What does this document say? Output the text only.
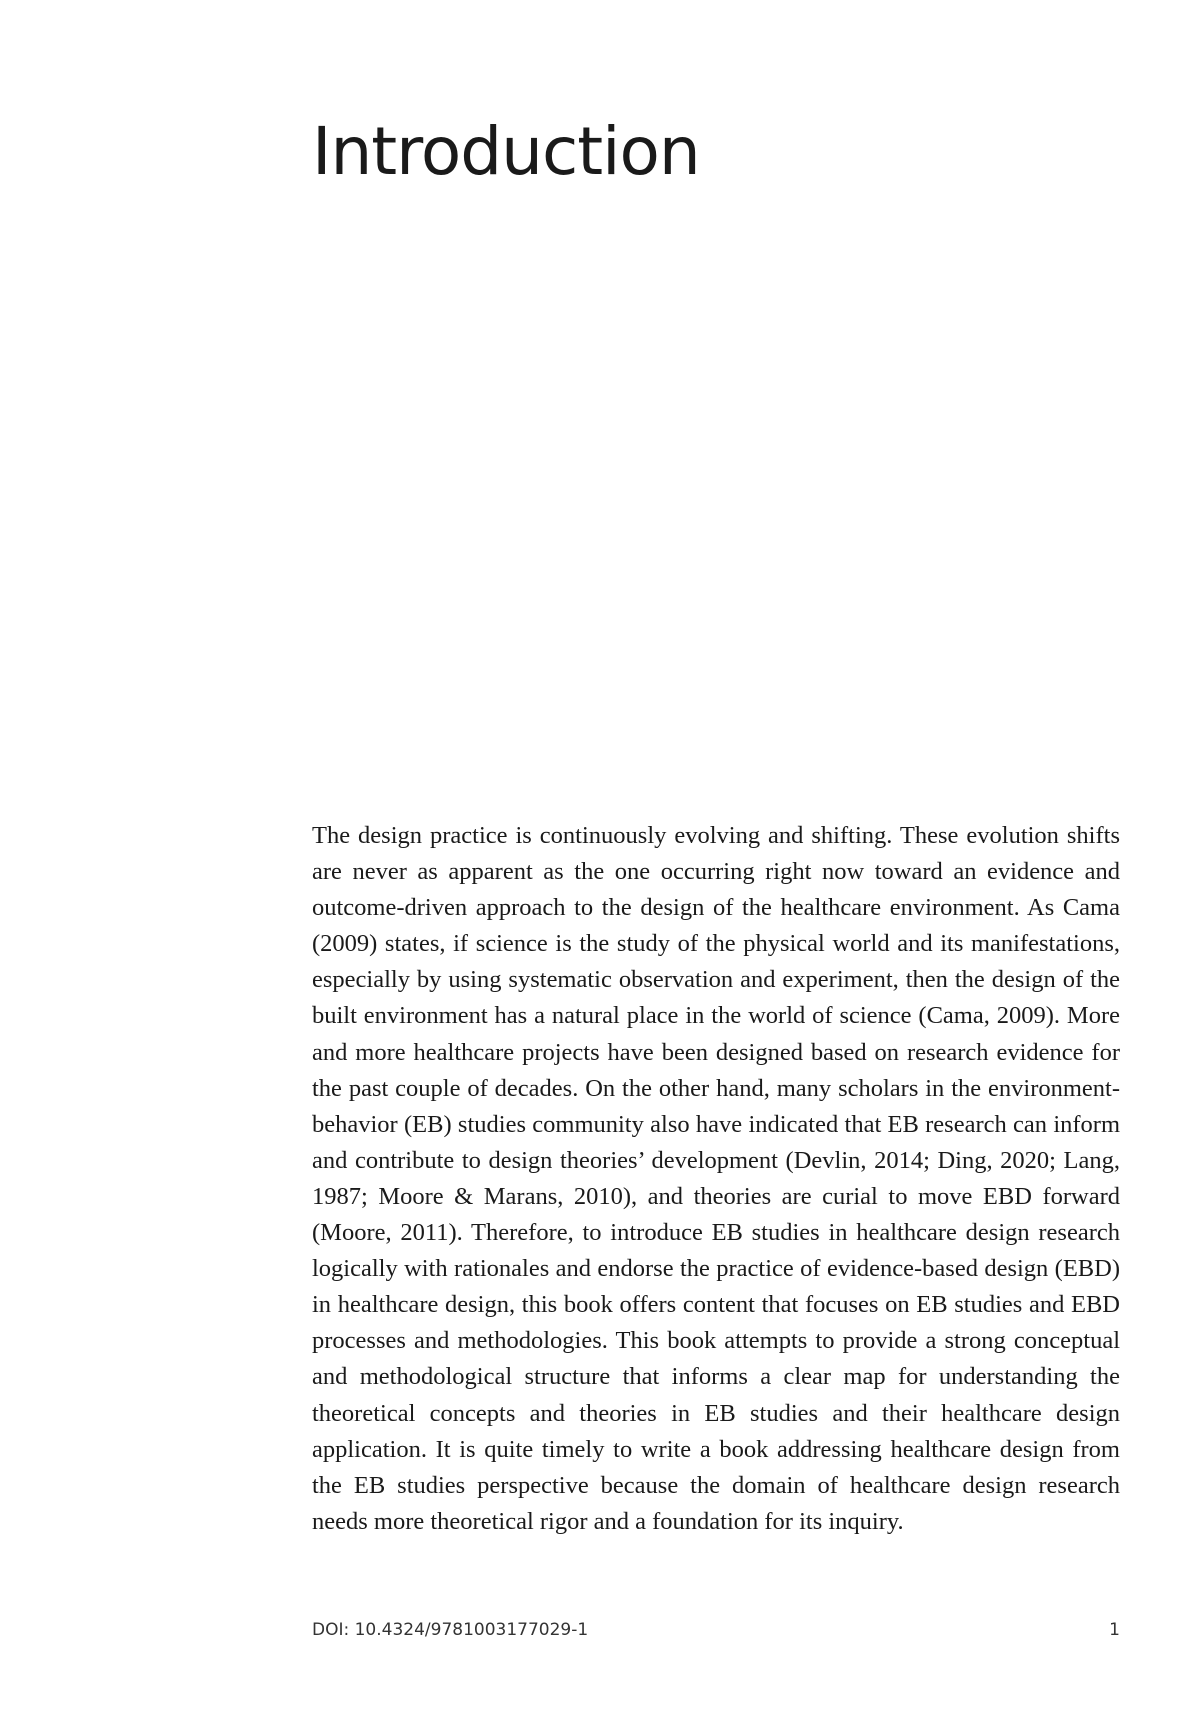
Introduction

The design practice is continuously evolving and shifting. These evolution shifts are never as apparent as the one occurring right now toward an evidence and outcome-driven approach to the design of the healthcare environment. As Cama (2009) states, if science is the study of the physical world and its manifestations, especially by using systematic observation and experiment, then the design of the built environment has a natural place in the world of science (Cama, 2009). More and more healthcare projects have been designed based on research evidence for the past couple of decades. On the other hand, many scholars in the environment-behavior (EB) studies community also have indicated that EB research can inform and contribute to design theories’ development (Devlin, 2014; Ding, 2020; Lang, 1987; Moore & Marans, 2010), and theories are curial to move EBD forward (Moore, 2011). Therefore, to introduce EB studies in healthcare design research logically with rationales and endorse the practice of evidence-based design (EBD) in healthcare design, this book offers content that focuses on EB studies and EBD processes and methodologies. This book attempts to provide a strong conceptual and methodological structure that informs a clear map for understanding the theoretical concepts and theories in EB studies and their healthcare design application. It is quite timely to write a book addressing healthcare design from the EB studies perspective because the domain of healthcare design research needs more theoretical rigor and a foundation for its inquiry.

DOI: 10.4324/9781003177029-1	1
